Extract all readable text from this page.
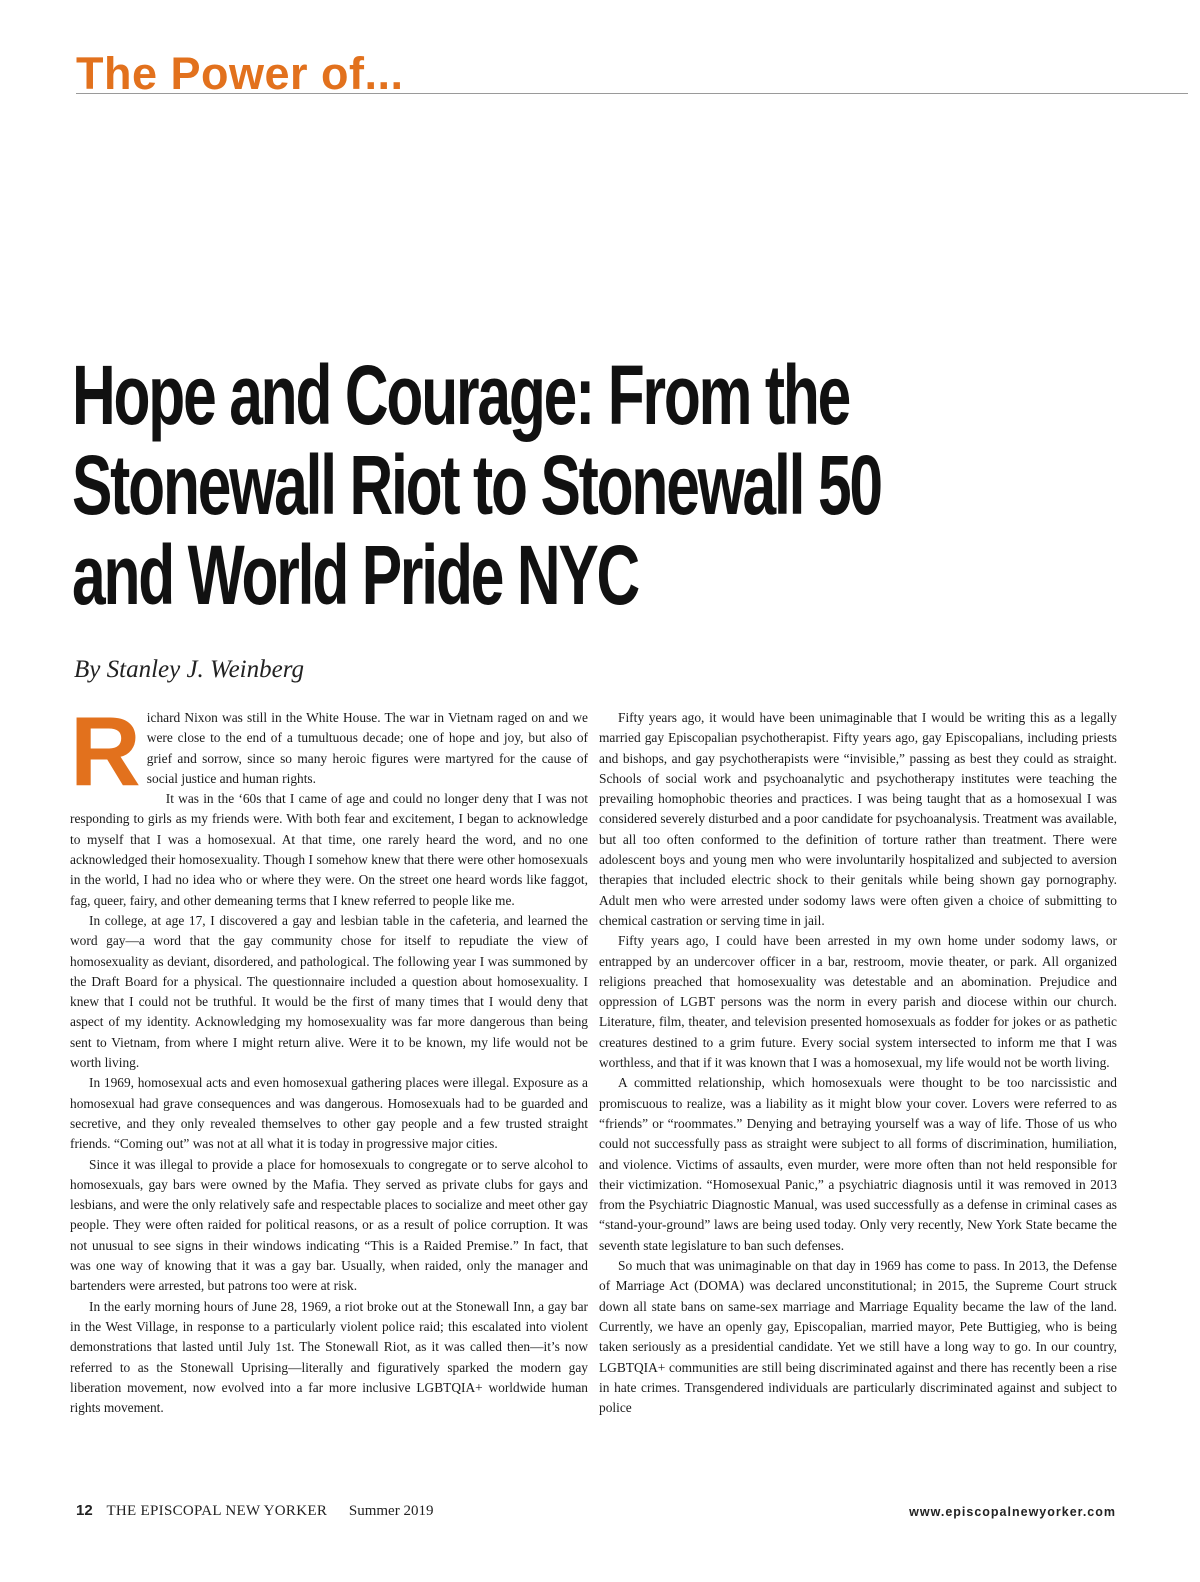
The Power of...
Hope and Courage: From the
Stonewall Riot to Stonewall 50
and World Pride NYC

By Stanley J. Weinberg

Richard Nixon was still in the White House. The war in Vietnam raged on and we were close to the end of a tumultuous decade; one of hope and joy, but also of grief and sorrow, since so many heroic figures were martyred for the cause of social justice and human rights.

It was in the ‘60s that I came of age and could no longer deny that I was not responding to girls as my friends were. With both fear and excitement, I began to acknowledge to myself that I was a homosexual. At that time, one rarely heard the word, and no one acknowledged their homosexuality. Though I somehow knew that there were other homosexuals in the world, I had no idea who or where they were. On the street one heard words like faggot, fag, queer, fairy, and other demeaning terms that I knew referred to people like me.

In college, at age 17, I discovered a gay and lesbian table in the cafeteria, and learned the word gay—a word that the gay community chose for itself to repudiate the view of homosexuality as deviant, disordered, and pathological. The following year I was summoned by the Draft Board for a physical. The questionnaire included a question about homosexuality. I knew that I could not be truthful. It would be the first of many times that I would deny that aspect of my identity. Acknowledging my homosexuality was far more dangerous than being sent to Vietnam, from where I might return alive. Were it to be known, my life would not be worth living.

In 1969, homosexual acts and even homosexual gathering places were illegal. Exposure as a homosexual had grave consequences and was dangerous. Homosexuals had to be guarded and secretive, and they only revealed themselves to other gay people and a few trusted straight friends. “Coming out” was not at all what it is today in progressive major cities.

Since it was illegal to provide a place for homosexuals to congregate or to serve alcohol to homosexuals, gay bars were owned by the Mafia. They served as private clubs for gays and lesbians, and were the only relatively safe and respectable places to socialize and meet other gay people. They were often raided for political reasons, or as a result of police corruption. It was not unusual to see signs in their windows indicating “This is a Raided Premise.” In fact, that was one way of knowing that it was a gay bar. Usually, when raided, only the manager and bartenders were arrested, but patrons too were at risk.

In the early morning hours of June 28, 1969, a riot broke out at the Stonewall Inn, a gay bar in the West Village, in response to a particularly violent police raid; this escalated into violent demonstrations that lasted until July 1st. The Stonewall Riot, as it was called then—it’s now referred to as the Stonewall Uprising—literally and figuratively sparked the modern gay liberation movement, now evolved into a far more inclusive LGBTQIA+ worldwide human rights movement.

Fifty years ago, it would have been unimaginable that I would be writing this as a legally married gay Episcopalian psychotherapist. Fifty years ago, gay Episcopalians, including priests and bishops, and gay psychotherapists were “invisible,” passing as best they could as straight. Schools of social work and psychoanalytic and psychotherapy institutes were teaching the prevailing homophobic theories and practices. I was being taught that as a homosexual I was considered severely disturbed and a poor candidate for psychoanalysis. Treatment was available, but all too often conformed to the definition of torture rather than treatment. There were adolescent boys and young men who were involuntarily hospitalized and subjected to aversion therapies that included electric shock to their genitals while being shown gay pornography. Adult men who were arrested under sodomy laws were often given a choice of submitting to chemical castration or serving time in jail.

Fifty years ago, I could have been arrested in my own home under sodomy laws, or entrapped by an undercover officer in a bar, restroom, movie theater, or park. All organized religions preached that homosexuality was detestable and an abomination. Prejudice and oppression of LGBT persons was the norm in every parish and diocese within our church. Literature, film, theater, and television presented homosexuals as fodder for jokes or as pathetic creatures destined to a grim future. Every social system intersected to inform me that I was worthless, and that if it was known that I was a homosexual, my life would not be worth living.

A committed relationship, which homosexuals were thought to be too narcissistic and promiscuous to realize, was a liability as it might blow your cover. Lovers were referred to as “friends” or “roommates.” Denying and betraying yourself was a way of life. Those of us who could not successfully pass as straight were subject to all forms of discrimination, humiliation, and violence. Victims of assaults, even murder, were more often than not held responsible for their victimization. “Homosexual Panic,” a psychiatric diagnosis until it was removed in 2013 from the Psychiatric Diagnostic Manual, was used successfully as a defense in criminal cases as “stand-your-ground” laws are being used today. Only very recently, New York State became the seventh state legislature to ban such defenses.

So much that was unimaginable on that day in 1969 has come to pass. In 2013, the Defense of Marriage Act (DOMA) was declared unconstitutional; in 2015, the Supreme Court struck down all state bans on same-sex marriage and Marriage Equality became the law of the land. Currently, we have an openly gay, Episcopalian, married mayor, Pete Buttigieg, who is being taken seriously as a presidential candidate. Yet we still have a long way to go. In our country, LGBTQIA+ communities are still being discriminated against and there has recently been a rise in hate crimes. Transgendered individuals are particularly discriminated against and subject to police

12 THE EPISCOPAL NEW YORKER Summer 2019	www.episcopalnewyorker.com
